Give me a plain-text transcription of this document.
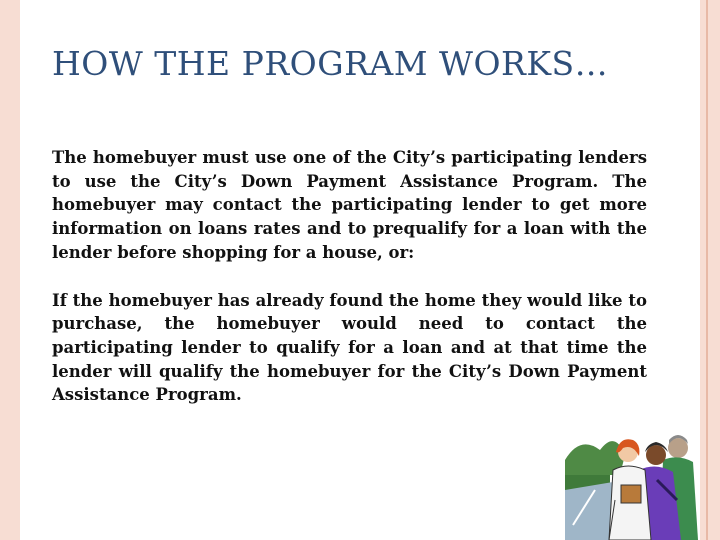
HOW THE PROGRAM WORKS…

The homebuyer must use one of the City’s participating lenders to use the City’s Down Payment Assistance Program. The homebuyer may contact the participating lender to get more information on loans rates and to prequalify for a loan with the lender before shopping for a house, or:

If the homebuyer has already found the home they would like to purchase, the homebuyer would need to contact the participating lender to qualify for a loan and at that time the lender will qualify the homebuyer for the City’s Down Payment Assistance Program.
